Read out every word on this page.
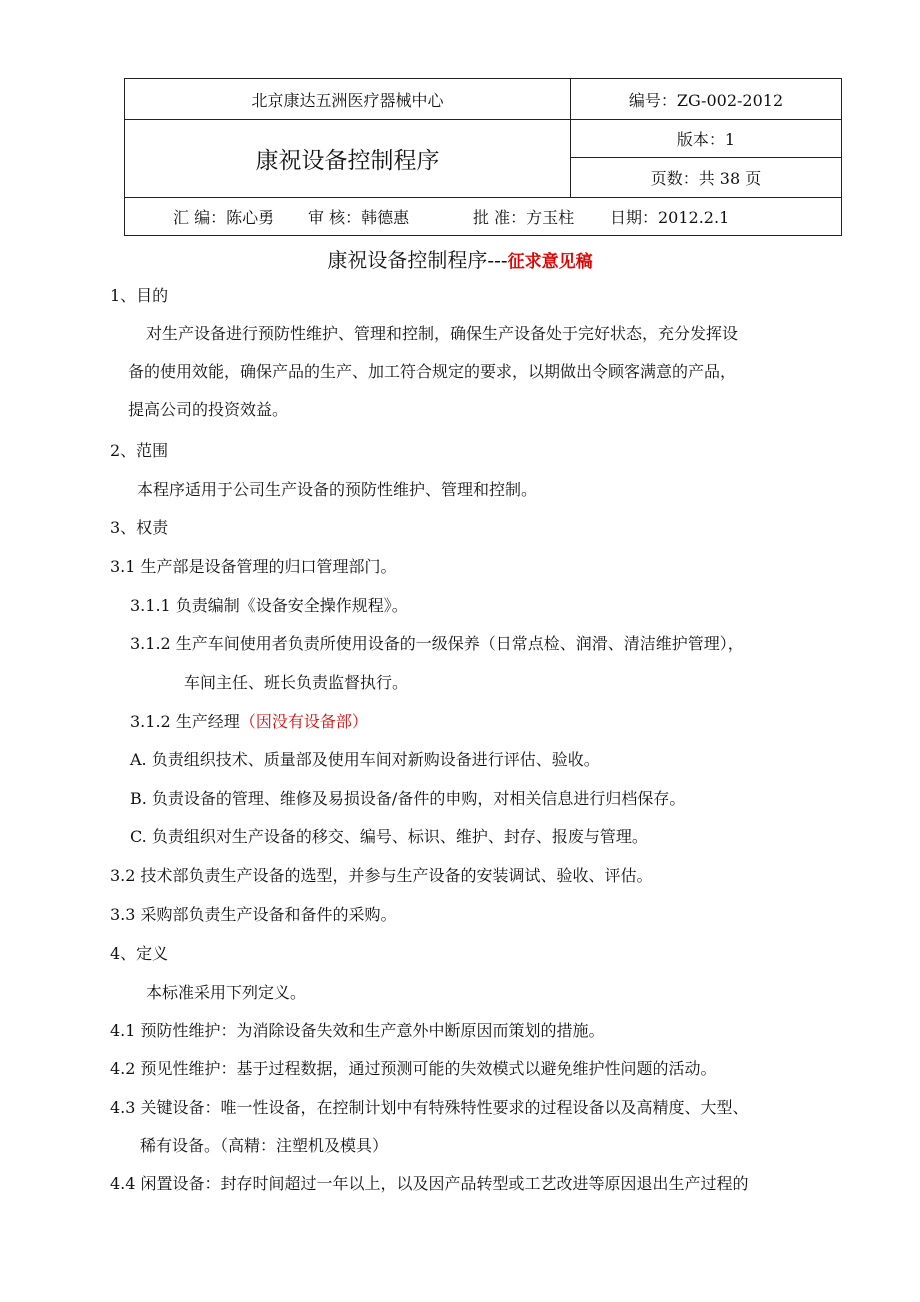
北京康达五洲医疗器械中心	编号：ZG-002-2012
康祝设备控制程序
版本：1
页数：共 38 页
汇 编：陈心勇	审 核：韩德惠	批 准：方玉柱	日期：2012.2.1
康祝设备控制程序---征求意见稿
1、目的
对生产设备进行预防性维护、管理和控制，确保生产设备处于完好状态，充分发挥设
备的使用效能，确保产品的生产、加工符合规定的要求，以期做出令顾客满意的产品，
提高公司的投资效益。
2、范围
本程序适用于公司生产设备的预防性维护、管理和控制。
3、权责
3.1 生产部是设备管理的归口管理部门。
3.1.1 负责编制《设备安全操作规程》。
3.1.2 生产车间使用者负责所使用设备的一级保养（日常点检、润滑、清洁维护管理），
车间主任、班长负责监督执行。
3.1.2 生产经理（因没有设备部）
A. 负责组织技术、质量部及使用车间对新购设备进行评估、验收。
B. 负责设备的管理、维修及易损设备/备件的申购，对相关信息进行归档保存。
C. 负责组织对生产设备的移交、编号、标识、维护、封存、报废与管理。
3.2 技术部负责生产设备的选型，并参与生产设备的安装调试、验收、评估。
3.3 采购部负责生产设备和备件的采购。
4、定义
本标准采用下列定义。
4.1 预防性维护：为消除设备失效和生产意外中断原因而策划的措施。
4.2 预见性维护：基于过程数据，通过预测可能的失效模式以避免维护性问题的活动。
4.3 关键设备：唯一性设备，在控制计划中有特殊特性要求的过程设备以及高精度、大型、
稀有设备。（高精：注塑机及模具）
4.4 闲置设备：封存时间超过一年以上，以及因产品转型或工艺改进等原因退出生产过程的
